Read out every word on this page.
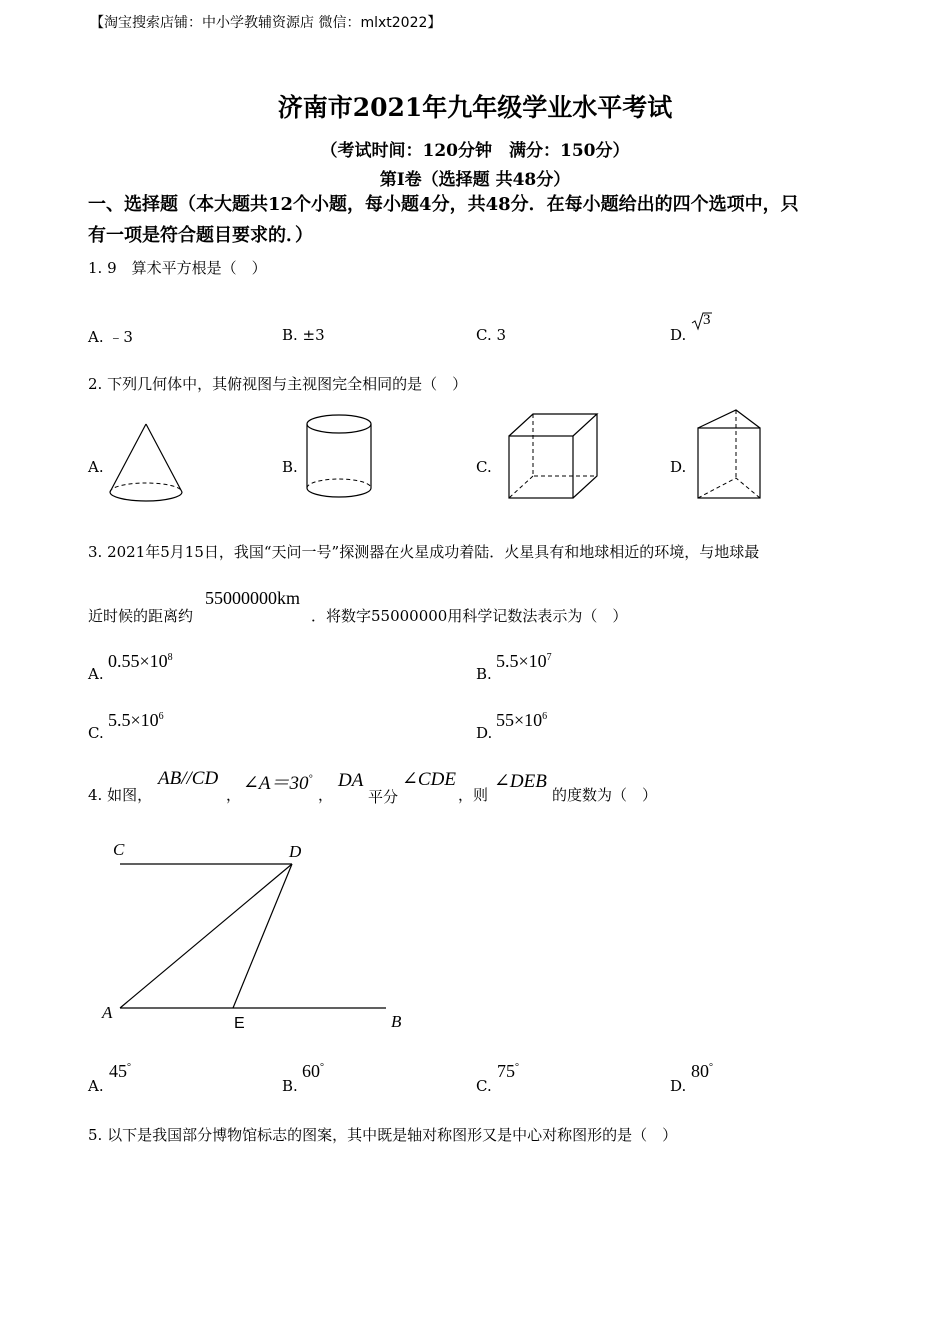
【淘宝搜索店铺：中小学教辅资源店 微信：mlxt2022】
济南市2021年九年级学业水平考试
（考试时间：120分钟　满分：150分）
第Ⅰ卷（选择题 共48分）
一、选择题（本大题共12个小题，每小题4分，共48分．在每小题给出的四个选项中，只
有一项是符合题目要求的．）
1. 9　算术平方根是（　）
A. ﹣3	B. ±3	C. 3	D.
3
2. 下列几何体中，其俯视图与主视图完全相同的是（　）
A.	B.	C.	D.
3. 2021年5月15日，我国“天问一号”探测器在火星成功着陆．火星具有和地球相近的环境，与地球最
近时候的距离约
55000000km
．将数字55000000用科学记数法表示为（　）
A.
$0.55\times 10^8$
B.
$5.5\times 10^7$
C.
$5.5\times 10^6$
D.
$55\times 10^6$
4. 如图，
AB//CD
，
∠A＝30°
，
DA
平分
∠CDE
，则
∠DEB
的度数为（　）
C	D
A
E	B
A.
45°
B.
60°
C.
75°
D.
80°
5. 以下是我国部分博物馆标志的图案，其中既是轴对称图形又是中心对称图形的是（　）
